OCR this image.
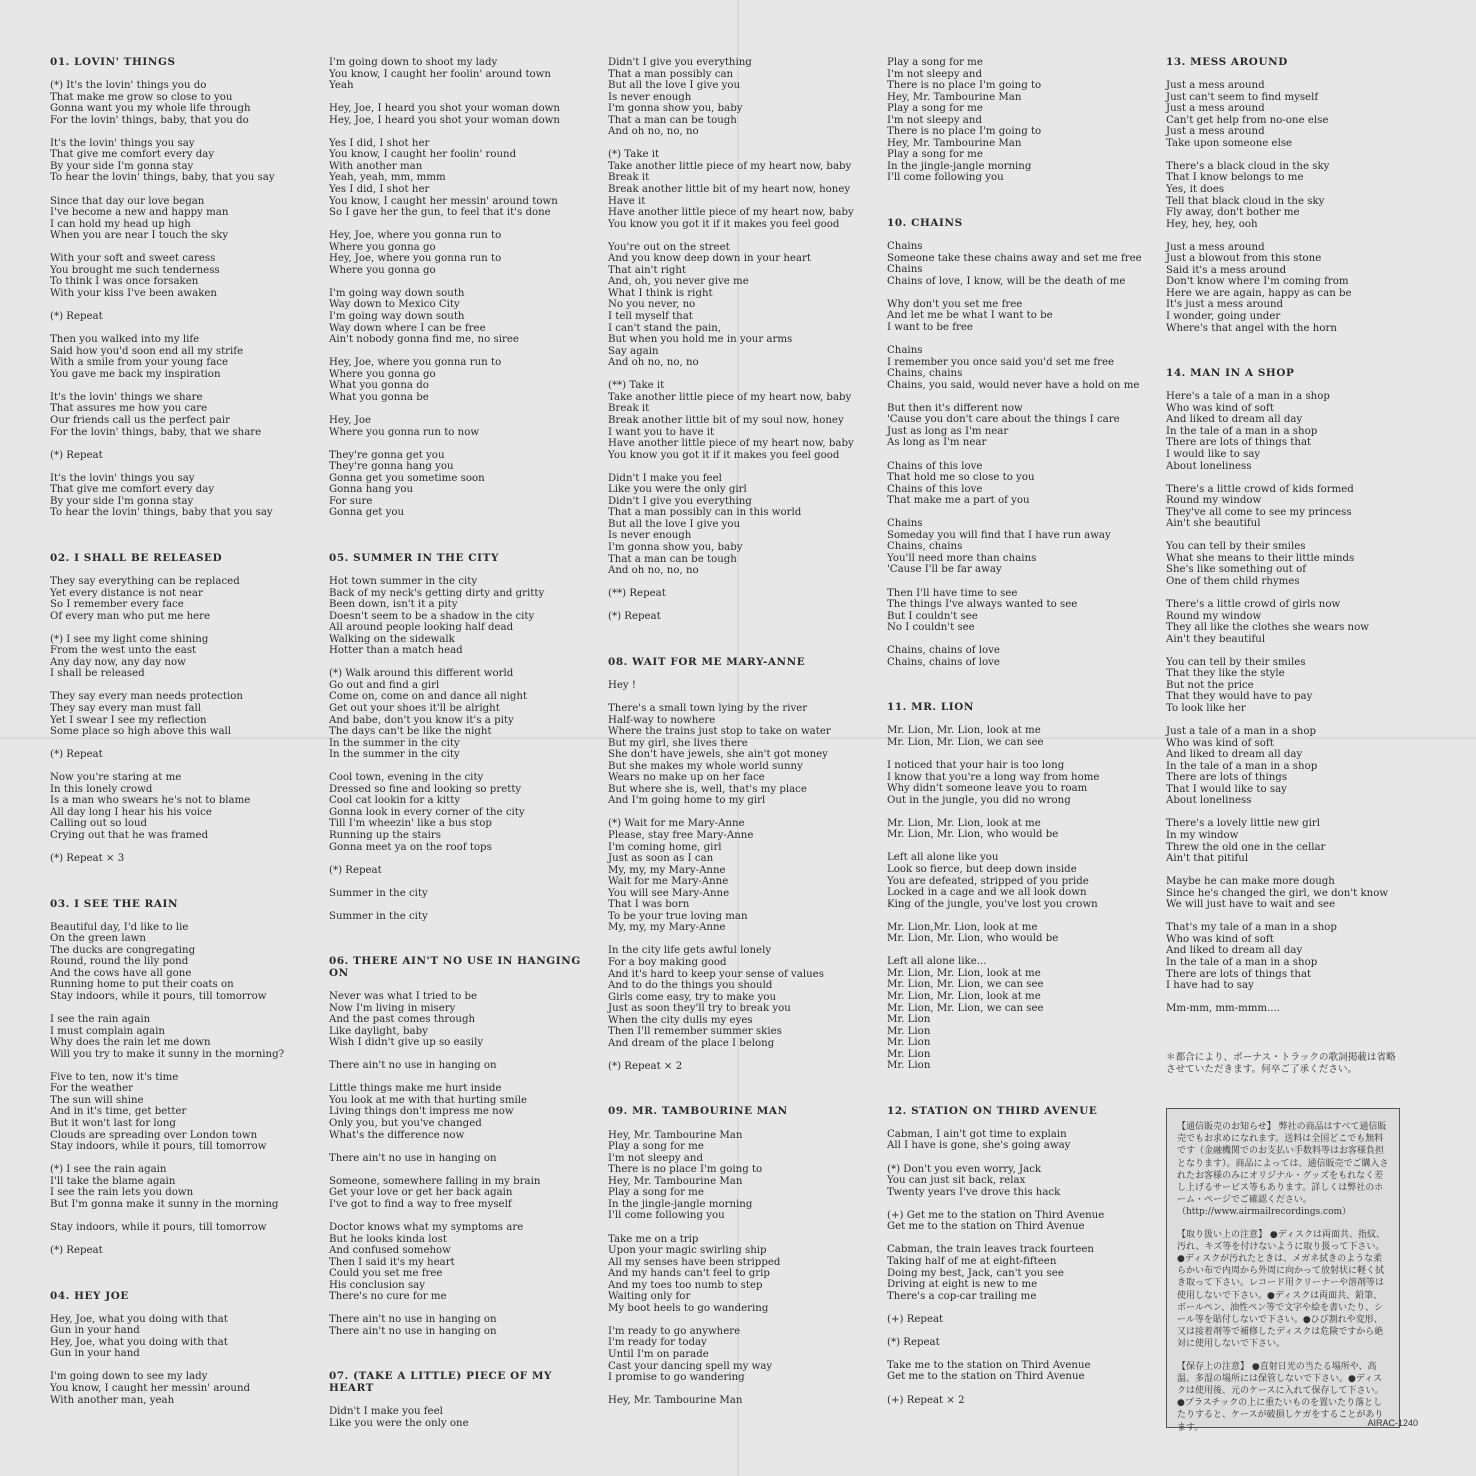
01. LOVIN' THINGS
(*) It's the lovin' things you do
That make me grow so close to you
Gonna want you my whole life through
For the lovin' things, baby, that you do
It's the lovin' things you say
That give me comfort every day
By your side I'm gonna stay
To hear the lovin' things, baby, that you say
Since that day our love began
I've become a new and happy man
I can hold my head up high
When you are near I touch the sky
With your soft and sweet caress
You brought me such tenderness
To think I was once forsaken
With your kiss I've been awaken
(*) Repeat
Then you walked into my life
Said how you'd soon end all my strife
With a smile from your young face
You gave me back my inspiration
It's the lovin' things we share
That assures me how you care
Our friends call us the perfect pair
For the lovin' things, baby, that we share
(*) Repeat
It's the lovin' things you say
That give me comfort every day
By your side I'm gonna stay
To hear the lovin' things, baby that you say
02. I SHALL BE RELEASED
They say everything can be replaced
Yet every distance is not near
So I remember every face
Of every man who put me here
(*) I see my light come shining
From the west unto the east
Any day now, any day now
I shall be released
They say every man needs protection
They say every man must fall
Yet I swear I see my reflection
Some place so high above this wall
(*) Repeat
Now you're staring at me
In this lonely crowd
Is a man who swears he's not to blame
All day long I hear his his voice
Calling out so loud
Crying out that he was framed
(*) Repeat × 3
03. I SEE THE RAIN
Beautiful day, I'd like to lie
On the green lawn
The ducks are congregating
Round, round the lily pond
And the cows have all gone
Running home to put their coats on
Stay indoors, while it pours, till tomorrow
I see the rain again
I must complain again
Why does the rain let me down
Will you try to make it sunny in the morning?
Five to ten, now it's time
For the weather
The sun will shine
And in it's time, get better
But it won't last for long
Clouds are spreading over London town
Stay indoors, while it pours, till tomorrow
(*) I see the rain again
I'll take the blame again
I see the rain lets you down
But I'm gonna make it sunny in the morning
Stay indoors, while it pours, till tomorrow
(*) Repeat
04. HEY JOE
Hey, Joe, what you doing with that
Gun in your hand
Hey, Joe, what you doing with that
Gun in your hand
I'm going down to see my lady
You know, I caught her messin' around
With another man, yeah
I'm going down to shoot my lady
You know, I caught her foolin' around town
Yeah
Hey, Joe, I heard you shot your woman down
Hey, Joe, I heard you shot your woman down
Yes I did, I shot her
You know, I caught her foolin' round
With another man
Yeah, yeah, mm, mmm
Yes I did, I shot her
You know, I caught her messin' around town
So I gave her the gun, to feel that it's done
Hey, Joe, where you gonna run to
Where you gonna go
Hey, Joe, where you gonna run to
Where you gonna go
I'm going way down south
Way down to Mexico City
I'm going way down south
Way down where I can be free
Ain't nobody gonna find me, no siree
Hey, Joe, where you gonna run to
Where you gonna go
What you gonna do
What you gonna be
Hey, Joe
Where you gonna run to now
They're gonna get you
They're gonna hang you
Gonna get you sometime soon
Gonna hang you
For sure
Gonna get you
05. SUMMER IN THE CITY
Hot town summer in the city
Back of my neck's getting dirty and gritty
Been down, isn't it a pity
Doesn't seem to be a shadow in the city
All around people looking half dead
Walking on the sidewalk
Hotter than a match head
(*) Walk around this different world
Go out and find a girl
Come on, come on and dance all night
Get out your shoes it'll be alright
And babe, don't you know it's a pity
The days can't be like the night
In the summer in the city
In the summer in the city
Cool town, evening in the city
Dressed so fine and looking so pretty
Cool cat lookin for a kitty
Gonna look in every corner of the city
Till I'm wheezin' like a bus stop
Running up the stairs
Gonna meet ya on the roof tops
(*) Repeat
Summer in the city
Summer in the city
06. THERE AIN'T NO USE IN HANGING ON
Never was what I tried to be
Now I'm living in misery
And the past comes through
Like daylight, baby
Wish I didn't give up so easily
There ain't no use in hanging on
Little things make me hurt inside
You look at me with that hurting smile
Living things don't impress me now
Only you, but you've changed
What's the difference now
There ain't no use in hanging on
Someone, somewhere falling in my brain
Get your love or get her back again
I've got to find a way to free myself
Doctor knows what my symptoms are
But he looks kinda lost
And confused somehow
Then I said it's my heart
Could you set me free
His conclusion say
There's no cure for me
There ain't no use in hanging on
There ain't no use in hanging on
07. (TAKE A LITTLE) PIECE OF MY HEART
Didn't I make you feel
Like you were the only one
Didn't I give you everything
That a man possibly can
But all the love I give you
Is never enough
I'm gonna show you, baby
That a man can be tough
And oh no, no, no
(*) Take it
Take another little piece of my heart now, baby
Break it
Break another little bit of my heart now, honey
Have it
Have another little piece of my heart now, baby
You know you got it if it makes you feel good
You're out on the street
And you know deep down in your heart
That ain't right
And, oh, you never give me
What I think is right
No you never, no
I tell myself that
I can't stand the pain,
But when you hold me in your arms
Say again
And oh no, no, no
(**) Take it
Take another little piece of my heart now, baby
Break it
Break another little bit of my soul now, honey
I want you to have it
Have another little piece of my heart now, baby
You know you got it if it makes you feel good
Didn't I make you feel
Like you were the only girl
Didn't I give you everything
That a man possibly can in this world
But all the love I give you
Is never enough
I'm gonna show you, baby
That a man can be tough
And oh no, no, no
(**) Repeat
(*) Repeat
08. WAIT FOR ME MARY-ANNE
Hey !
There's a small town lying by the river
Half-way to nowhere
Where the trains just stop to take on water
But my girl, she lives there
She don't have jewels, she ain't got money
But she makes my whole world sunny
Wears no make up on her face
But where she is, well, that's my place
And I'm going home to my girl
(*) Wait for me Mary-Anne
Please, stay free Mary-Anne
I'm coming home, girl
Just as soon as I can
My, my, my Mary-Anne
Wait for me Mary-Anne
You will see Mary-Anne
That I was born
To be your true loving man
My, my, my Mary-Anne
In the city life gets awful lonely
For a boy making good
And it's hard to keep your sense of values
And to do the things you should
Girls come easy, try to make you
Just as soon they'll try to break you
When the city dulls my eyes
Then I'll remember summer skies
And dream of the place I belong
(*) Repeat × 2
09. MR. TAMBOURINE MAN
Hey, Mr. Tambourine Man
Play a song for me
I'm not sleepy and
There is no place I'm going to
Hey, Mr. Tambourine Man
Play a song for me
In the jingle-jangle morning
I'll come following you
Take me on a trip
Upon your magic swirling ship
All my senses have been stripped
And my hands can't feel to grip
And my toes too numb to step
Waiting only for
My boot heels to go wandering
I'm ready to go anywhere
I'm ready for today
Until I'm on parade
Cast your dancing spell my way
I promise to go wandering
Hey, Mr. Tambourine Man
Play a song for me
I'm not sleepy and
There is no place I'm going to
Hey, Mr. Tambourine Man
Play a song for me
I'm not sleepy and
There is no place I'm going to
Hey, Mr. Tambourine Man
Play a song for me
In the jingle-jangle morning
I'll come following you
10. CHAINS
Chains
Someone take these chains away and set me free
Chains
Chains of love, I know, will be the death of me
Why don't you set me free
And let me be what I want to be
I want to be free
Chains
I remember you once said you'd set me free
Chains, chains
Chains, you said, would never have a hold on me
But then it's different now
'Cause you don't care about the things I care
Just as long as I'm near
As long as I'm near
Chains of this love
That hold me so close to you
Chains of this love
That make me a part of you
Chains
Someday you will find that I have run away
Chains, chains
You'll need more than chains
'Cause I'll be far away
Then I'll have time to see
The things I've always wanted to see
But I couldn't see
No I couldn't see
Chains, chains of love
Chains, chains of love
11. MR. LION
Mr. Lion, Mr. Lion, look at me
Mr. Lion, Mr. Lion, we can see
I noticed that your hair is too long
I know that you're a long way from home
Why didn't someone leave you to roam
Out in the jungle, you did no wrong
Mr. Lion, Mr. Lion, look at me
Mr. Lion, Mr. Lion, who would be
Left all alone like you
Look so fierce, but deep down inside
You are defeated, stripped of you pride
Locked in a cage and we all look down
King of the jungle, you've lost you crown
Mr. Lion,Mr. Lion, look at me
Mr. Lion, Mr. Lion, who would be
Left all alone like...
Mr. Lion, Mr. Lion, look at me
Mr. Lion, Mr. Lion, we can see
Mr. Lion, Mr. Lion, look at me
Mr. Lion, Mr. Lion, we can see
Mr. Lion
Mr. Lion
Mr. Lion
Mr. Lion
Mr. Lion
12. STATION ON THIRD AVENUE
Cabman, I ain't got time to explain
All I have is gone, she's going away
(*) Don't you even worry, Jack
You can just sit back, relax
Twenty years I've drove this hack
(+) Get me to the station on Third Avenue
Get me to the station on Third Avenue
Cabman, the train leaves track fourteen
Taking half of me at eight-fifteen
Doing my best, Jack, can't you see
Driving at eight is new to me
There's a cop-car trailing me
(+) Repeat
(*) Repeat
Take me to the station on Third Avenue
Get me to the station on Third Avenue
(+) Repeat × 2
13. MESS AROUND
Just a mess around
Just can't seem to find myself
Just a mess around
Can't get help from no-one else
Just a mess around
Take upon someone else
There's a black cloud in the sky
That I know belongs to me
Yes, it does
Tell that black cloud in the sky
Fly away, don't bother me
Hey, hey, hey, ooh
Just a mess around
Just a blowout from this stone
Said it's a mess around
Don't know where I'm coming from
Here we are again, happy as can be
It's just a mess around
I wonder, going under
Where's that angel with the horn
14. MAN IN A SHOP
Here's a tale of a man in a shop
Who was kind of soft
And liked to dream all day
In the tale of a man in a shop
There are lots of things that
I would like to say
About loneliness
There's a little crowd of kids formed
Round my window
They've all come to see my princess
Ain't she beautiful
You can tell by their smiles
What she means to their little minds
She's like something out of
One of them child rhymes
There's a little crowd of girls now
Round my window
They all like the clothes she wears now
Ain't they beautiful
You can tell by their smiles
That they like the style
But not the price
That they would have to pay
To look like her
Just a tale of a man in a shop
Who was kind of soft
And liked to dream all day
In the tale of a man in a shop
There are lots of things
That I would like to say
About loneliness
There's a lovely little new girl
In my window
Threw the old one in the cellar
Ain't that pitiful
Maybe he can make more dough
Since he's changed the girl, we don't know
We will just have to wait and see
That's my tale of a man in a shop
Who was kind of soft
And liked to dream all day
In the tale of a man in a shop
There are lots of things that
I have had to say
Mm-mm, mm-mmm....
＊都合により、ボーナス・トラックの歌詞掲載は省略させていただきます。何卒ご了承ください。

【通信販売のお知らせ】 弊社の商品はすべて通信販売でもお求めになれます。送料は全国どこでも無料です（金融機関でのお支払い手数料等はお客様負担となります）。商品によっては、通信販売でご購入されたお客様のみにオリジナル・グッズをもれなく差し上げるサービス等もあります。詳しくは弊社のホーム・ページでご確認ください。（http://www.airmailrecordings.com）

【取り扱い上の注意】 ●ディスクは両面共、指紋、汚れ、キズ等を付けないように取り扱って下さい。●ディスクが汚れたときは、メガネ拭きのような柔らかい布で内周から外周に向かって放射状に軽く拭き取って下さい。レコード用クリーナーや溶剤等は使用しないで下さい。●ディスクは両面共、鉛筆、ボールペン、油性ペン等で文字や絵を書いたり、シール等を貼付しないで下さい。●ひび割れや変形、又は接着剤等で補修したディスクは危険ですから絶対に使用しないで下さい。

【保存上の注意】 ●直射日光の当たる場所や、高温、多湿の場所には保管しないで下さい。●ディスクは使用後、元のケースに入れて保存して下さい。●プラスチックの上に重たいものを置いたり落としたりすると、ケースが破損しケガをすることがあります。	AIRAC-1240
